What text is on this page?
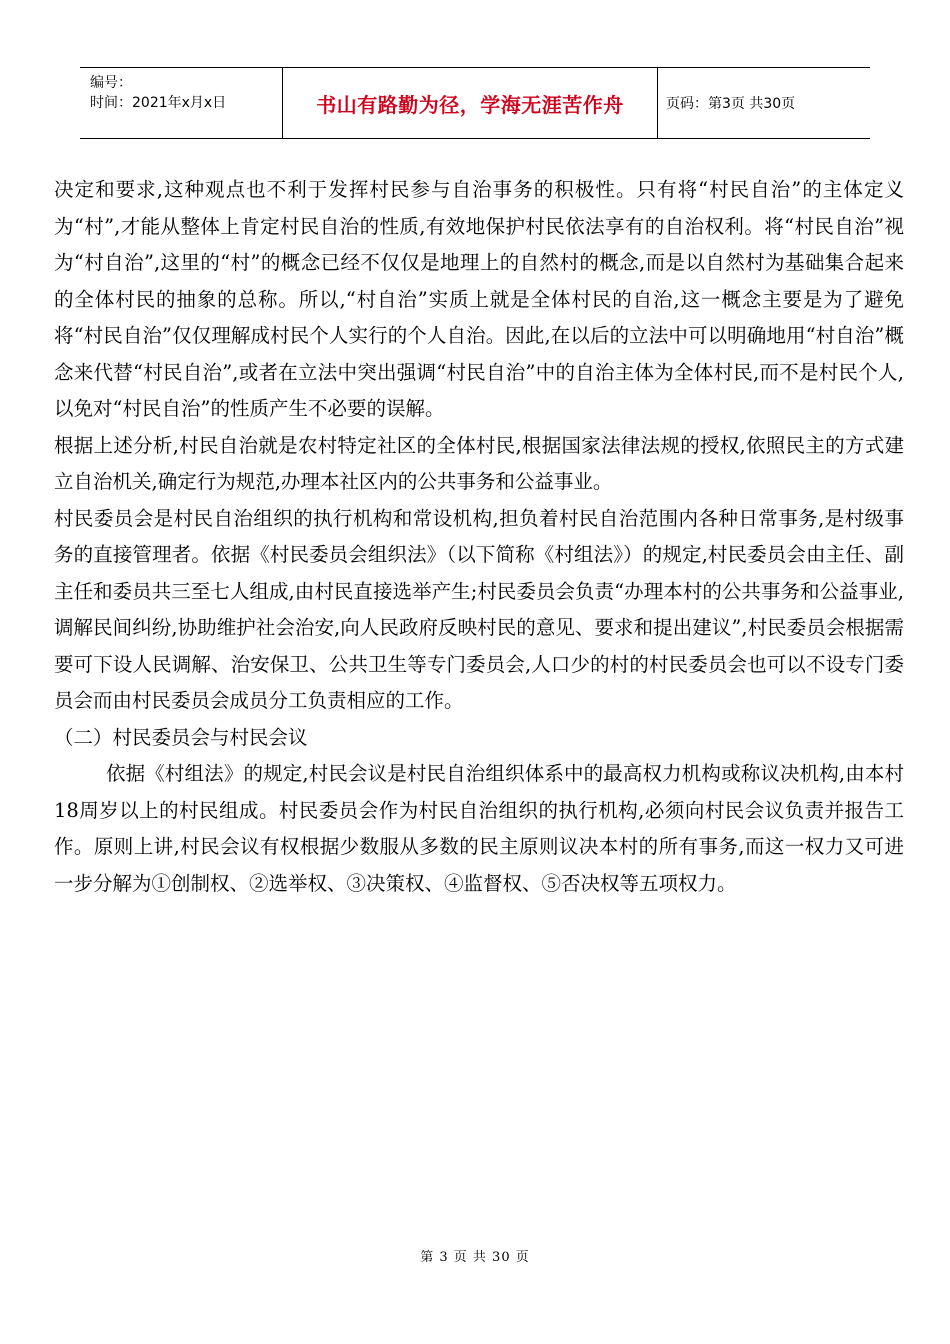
编号：
时间：2021年x月x日	书山有路勤为径，学海无涯苦作舟	页码：第3页 共30页

决定和要求,这种观点也不利于发挥村民参与自治事务的积极性。只有将“村民自治”的主体定义为“村”,才能从整体上肯定村民自治的性质,有效地保护村民依法享有的自治权利。将“村民自治”视为“村自治”,这里的“村”的概念已经不仅仅是地理上的自然村的概念,而是以自然村为基础集合起来的全体村民的抽象的总称。所以,“村自治”实质上就是全体村民的自治,这一概念主要是为了避免将“村民自治”仅仅理解成村民个人实行的个人自治。因此,在以后的立法中可以明确地用“村自治”概念来代替“村民自治”,或者在立法中突出强调“村民自治”中的自治主体为全体村民,而不是村民个人,以免对“村民自治”的性质产生不必要的误解。

根据上述分析,村民自治就是农村特定社区的全体村民,根据国家法律法规的授权,依照民主的方式建立自治机关,确定行为规范,办理本社区内的公共事务和公益事业。

村民委员会是村民自治组织的执行机构和常设机构,担负着村民自治范围内各种日常事务,是村级事务的直接管理者。依据《村民委员会组织法》（以下简称《村组法》）的规定,村民委员会由主任、副主任和委员共三至七人组成,由村民直接选举产生;村民委员会负责“办理本村的公共事务和公益事业,调解民间纠纷,协助维护社会治安,向人民政府反映村民的意见、要求和提出建议”,村民委员会根据需要可下设人民调解、治安保卫、公共卫生等专门委员会,人口少的村的村民委员会也可以不设专门委员会而由村民委员会成员分工负责相应的工作。

（二）村民委员会与村民会议

依据《村组法》的规定,村民会议是村民自治组织体系中的最高权力机构或称议决机构,由本村18周岁以上的村民组成。村民委员会作为村民自治组织的执行机构,必须向村民会议负责并报告工作。原则上讲,村民会议有权根据少数服从多数的民主原则议决本村的所有事务,而这一权力又可进一步分解为①创制权、②选举权、③决策权、④监督权、⑤否决权等五项权力。

第 3 页 共 30 页
